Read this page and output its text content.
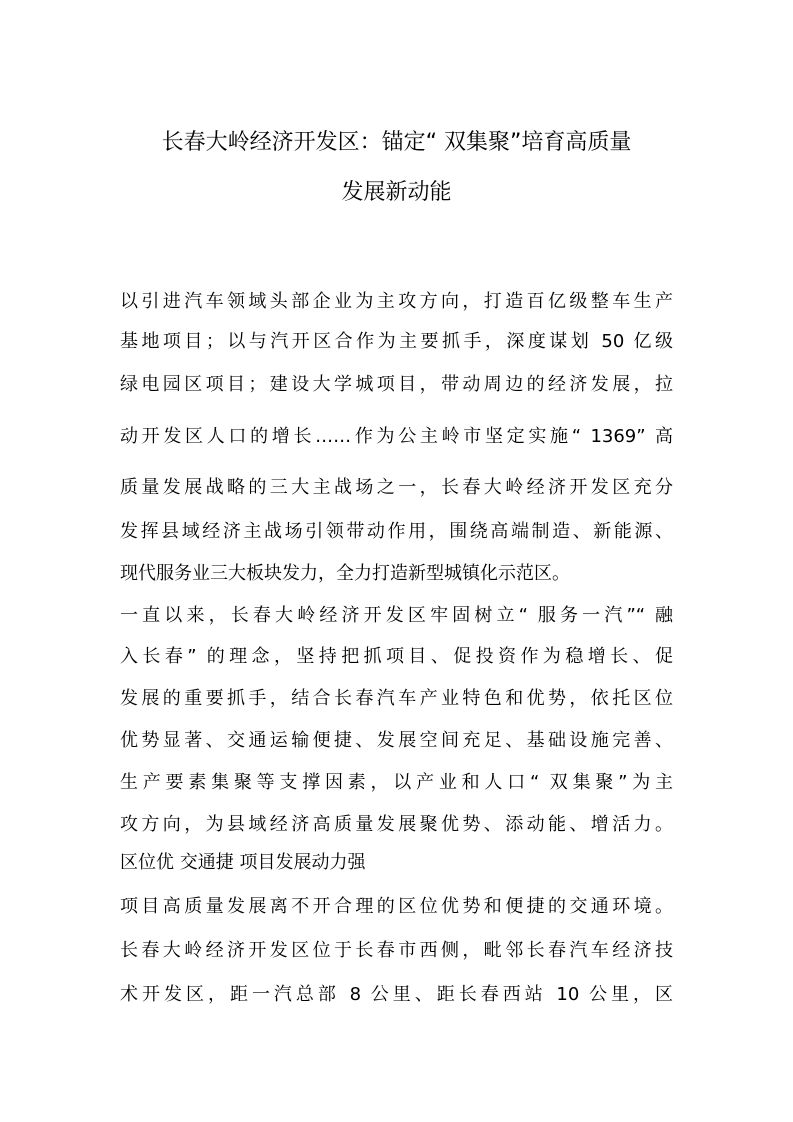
长春大岭经济开发区：锚定“ 双集聚”培育高质量
发展新动能
以引进汽车领域头部企业为主攻方向，打造百亿级整车生产
基地项目；以与汽开区合作为主要抓手，深度谋划 50 亿级
绿电园区项目；建设大学城项目，带动周边的经济发展，拉
动开发区人口的增长……作为公主岭市坚定实施“ 1369” 高
质量发展战略的三大主战场之一，长春大岭经济开发区充分
发挥县域经济主战场引领带动作用，围绕高端制造、新能源、
现代服务业三大板块发力，全力打造新型城镇化示范区。
一直以来，长春大岭经济开发区牢固树立“ 服务一汽”“ 融
入长春” 的理念，坚持把抓项目、促投资作为稳增长、促
发展的重要抓手，结合长春汽车产业特色和优势，依托区位
优势显著、交通运输便捷、发展空间充足、基础设施完善、
生产要素集聚等支撑因素，以产业和人口“ 双集聚”为主
攻方向，为县域经济高质量发展聚优势、添动能、增活力。
区位优 交通捷 项目发展动力强
项目高质量发展离不开合理的区位优势和便捷的交通环境。
长春大岭经济开发区位于长春市西侧，毗邻长春汽车经济技
术开发区，距一汽总部 8 公里、距长春西站 10 公里，区
